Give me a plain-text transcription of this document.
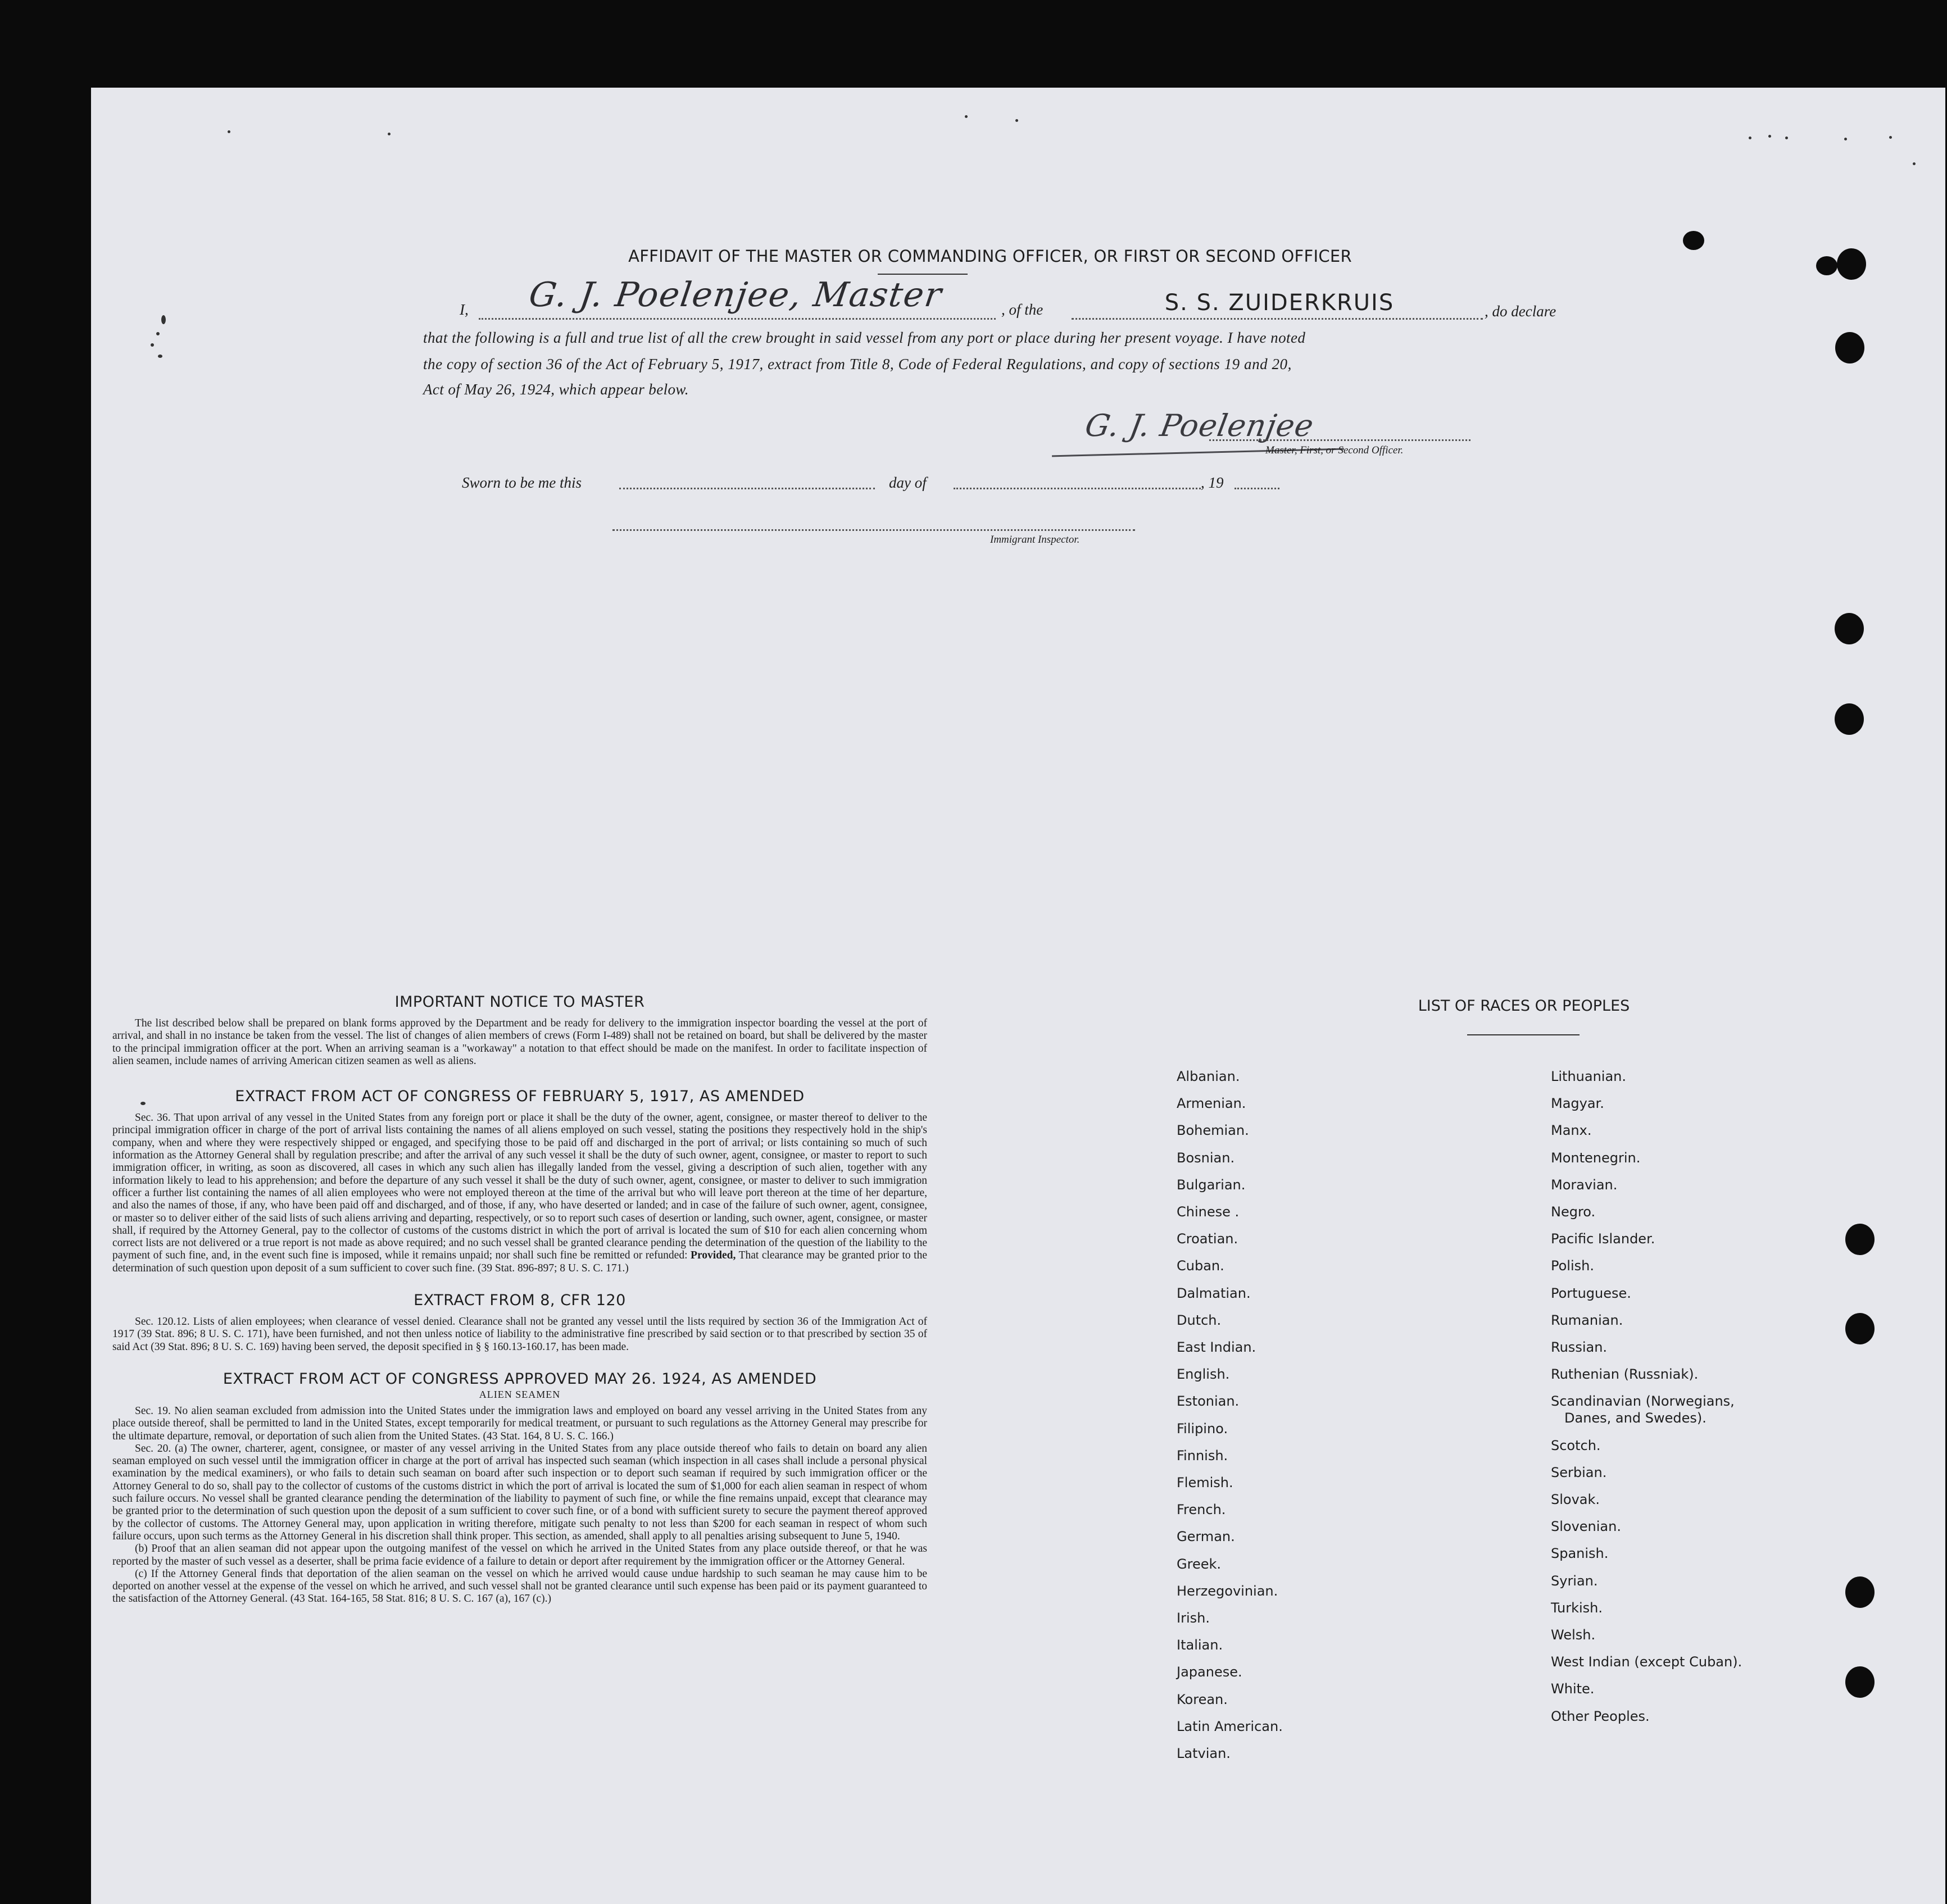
AFFIDAVIT OF THE MASTER OR COMMANDING OFFICER, OR FIRST OR SECOND OFFICER
I, G. J. Poelenjee, Master	, of the	S. S. ZUIDERKRUIS	, do declare
that the following is a full and true list of all the crew brought in said vessel from any port or place during her present voyage. I have noted
the copy of section 36 of the Act of February 5, 1917, extract from Title 8, Code of Federal Regulations, and copy of sections 19 and 20,
Act of May 26, 1924, which appear below.
G. J. Poelenjee
Master, First, or Second Officer.
Sworn to be me this	day of	, 19
Immigrant Inspector.
IMPORTANT NOTICE TO MASTER

The list described below shall be prepared on blank forms approved by the Department and be ready for delivery to the immigration inspector boarding the vessel at the port of arrival, and shall in no instance be taken from the vessel. The list of changes of alien members of crews (Form I-489) shall not be retained on board, but shall be delivered by the master to the principal immigration officer at the port. When an arriving seaman is a "workaway" a notation to that effect should be made on the manifest. In order to facilitate inspection of alien seamen, include names of arriving American citizen seamen as well as aliens.

EXTRACT FROM ACT OF CONGRESS OF FEBRUARY 5, 1917, AS AMENDED

Sec. 36. That upon arrival of any vessel in the United States from any foreign port or place it shall be the duty of the owner, agent, consignee, or master thereof to deliver to the principal immigration officer in charge of the port of arrival lists containing the names of all aliens employed on such vessel, stating the positions they respectively hold in the ship's company, when and where they were respectively shipped or engaged, and specifying those to be paid off and discharged in the port of arrival; or lists containing so much of such information as the Attorney General shall by regulation prescribe; and after the arrival of any such vessel it shall be the duty of such owner, agent, consignee, or master to report to such immigration officer, in writing, as soon as discovered, all cases in which any such alien has illegally landed from the vessel, giving a description of such alien, together with any information likely to lead to his apprehension; and before the departure of any such vessel it shall be the duty of such owner, agent, consignee, or master to deliver to such immigration officer a further list containing the names of all alien employees who were not employed thereon at the time of the arrival but who will leave port thereon at the time of her departure, and also the names of those, if any, who have been paid off and discharged, and of those, if any, who have deserted or landed; and in case of the failure of such owner, agent, consignee, or master so to deliver either of the said lists of such aliens arriving and departing, respectively, or so to report such cases of desertion or landing, such owner, agent, consignee, or master shall, if required by the Attorney General, pay to the collector of customs of the customs district in which the port of arrival is located the sum of $10 for each alien concerning whom correct lists are not delivered or a true report is not made as above required; and no such vessel shall be granted clearance pending the determination of the question of the liability to the payment of such fine, and, in the event such fine is imposed, while it remains unpaid; nor shall such fine be remitted or refunded: Provided, That clearance may be granted prior to the determination of such question upon deposit of a sum sufficient to cover such fine. (39 Stat. 896-897; 8 U. S. C. 171.)

EXTRACT FROM 8, CFR 120

Sec. 120.12. Lists of alien employees; when clearance of vessel denied. Clearance shall not be granted any vessel until the lists required by section 36 of the Immigration Act of 1917 (39 Stat. 896; 8 U. S. C. 171), have been furnished, and not then unless notice of liability to the administrative fine prescribed by said section or to that prescribed by section 35 of said Act (39 Stat. 896; 8 U. S. C. 169) having been served, the deposit specified in § § 160.13-160.17, has been made.

EXTRACT FROM ACT OF CONGRESS APPROVED MAY 26. 1924, AS AMENDED
ALIEN SEAMEN

Sec. 19. No alien seaman excluded from admission into the United States under the immigration laws and employed on board any vessel arriving in the United States from any place outside thereof, shall be permitted to land in the United States, except temporarily for medical treatment, or pursuant to such regulations as the Attorney General may prescribe for the ultimate departure, removal, or deportation of such alien from the United States. (43 Stat. 164, 8 U. S. C. 166.)

Sec. 20. (a) The owner, charterer, agent, consignee, or master of any vessel arriving in the United States from any place outside thereof who fails to detain on board any alien seaman employed on such vessel until the immigration officer in charge at the port of arrival has inspected such seaman (which inspection in all cases shall include a personal physical examination by the medical examiners), or who fails to detain such seaman on board after such inspection or to deport such seaman if required by such immigration officer or the Attorney General to do so, shall pay to the collector of customs of the customs district in which the port of arrival is located the sum of $1,000 for each alien seaman in respect of whom such failure occurs. No vessel shall be granted clearance pending the determination of the liability to payment of such fine, or while the fine remains unpaid, except that clearance may be granted prior to the determination of such question upon the deposit of a sum sufficient to cover such fine, or of a bond with sufficient surety to secure the payment thereof approved by the collector of customs. The Attorney General may, upon application in writing therefore, mitigate such penalty to not less than $200 for each seaman in respect of whom such failure occurs, upon such terms as the Attorney General in his discretion shall think proper. This section, as amended, shall apply to all penalties arising subsequent to June 5, 1940.

(b) Proof that an alien seaman did not appear upon the outgoing manifest of the vessel on which he arrived in the United States from any place outside thereof, or that he was reported by the master of such vessel as a deserter, shall be prima facie evidence of a failure to detain or deport after requirement by the immigration officer or the Attorney General.

(c) If the Attorney General finds that deportation of the alien seaman on the vessel on which he arrived would cause undue hardship to such seaman he may cause him to be deported on another vessel at the expense of the vessel on which he arrived, and such vessel shall not be granted clearance until such expense has been paid or its payment guaranteed to the satisfaction of the Attorney General. (43 Stat. 164-165, 58 Stat. 816; 8 U. S. C. 167 (a), 167 (c).)

LIST OF RACES OR PEOPLES
Albanian.
Armenian.
Bohemian.
Bosnian.
Bulgarian.
Chinese .
Croatian.
Cuban.
Dalmatian.
Dutch.
East Indian.
English.
Estonian.
Filipino.
Finnish.
Flemish.
French.
German.
Greek.
Herzegovinian.
Irish.
Italian.
Japanese.
Korean.
Latin American.
Latvian.
Lithuanian.
Magyar.
Manx.
Montenegrin.
Moravian.
Negro.
Pacific Islander.
Polish.
Portuguese.
Rumanian.
Russian.
Ruthenian (Russniak).
Scandinavian (Norwegians,
Danes, and Swedes).
Scotch.
Serbian.
Slovak.
Slovenian.
Spanish.
Syrian.
Turkish.
Welsh.
West Indian (except Cuban).
White.
Other Peoples.
